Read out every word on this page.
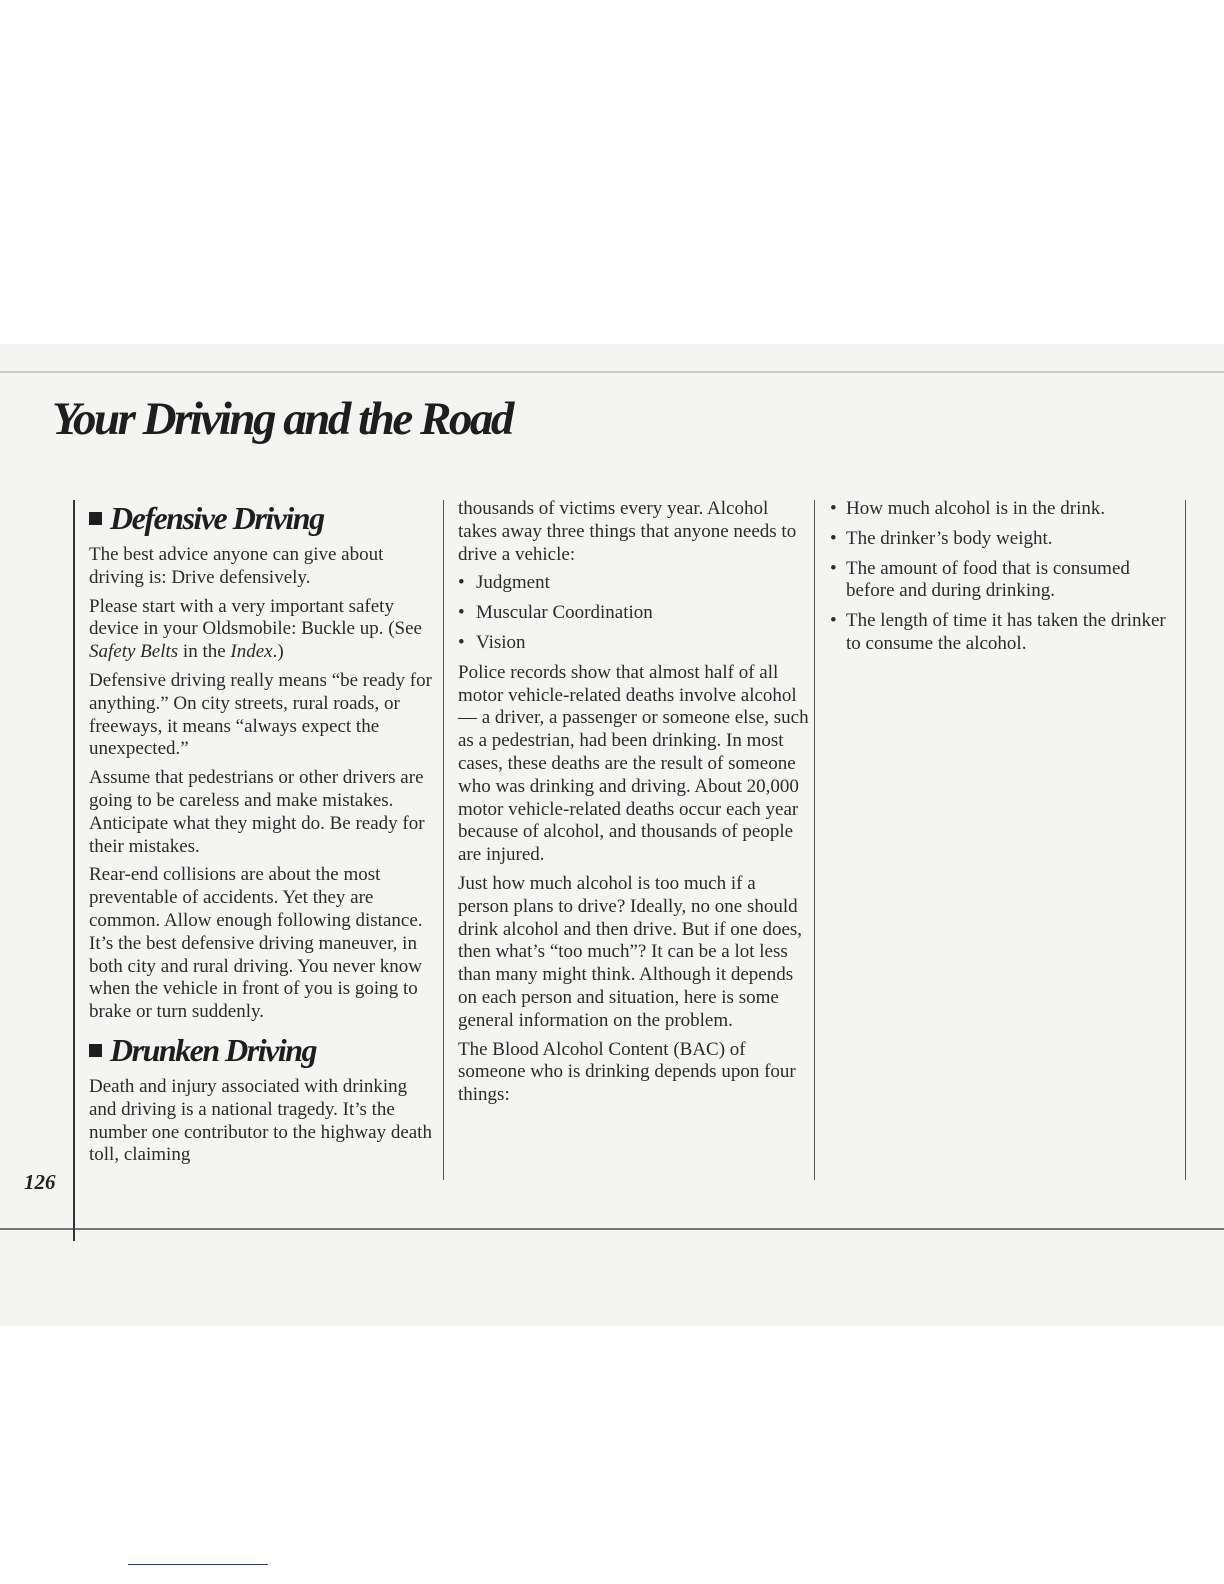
Your Driving and the Road
126
Defensive Driving

The best advice anyone can give about driving is: Drive defensively.

Please start with a very important safety device in your Oldsmobile: Buckle up. (See Safety Belts in the Index.)

Defensive driving really means “be ready for anything.” On city streets, rural roads, or freeways, it means “always expect the unexpected.”

Assume that pedestrians or other drivers are going to be careless and make mistakes. Anticipate what they might do. Be ready for their mistakes.

Rear-end collisions are about the most preventable of accidents. Yet they are common. Allow enough following distance. It’s the best defensive driving maneuver, in both city and rural driving. You never know when the vehicle in front of you is going to brake or turn suddenly.

Drunken Driving

Death and injury associated with drinking and driving is a national tragedy. It’s the number one contributor to the highway death toll, claiming

thousands of victims every year. Alcohol takes away three things that anyone needs to drive a vehicle:

• Judgment
• Muscular Coordination
• Vision

Police records show that almost half of all motor vehicle-related deaths involve alcohol — a driver, a passenger or someone else, such as a pedestrian, had been drinking. In most cases, these deaths are the result of someone who was drinking and driving. About 20,000 motor vehicle-related deaths occur each year because of alcohol, and thousands of people are injured.

Just how much alcohol is too much if a person plans to drive? Ideally, no one should drink alcohol and then drive. But if one does, then what’s “too much”? It can be a lot less than many might think. Although it depends on each person and situation, here is some general information on the problem.

The Blood Alcohol Content (BAC) of someone who is drinking depends upon four things:

• How much alcohol is in the drink.
• The drinker’s body weight.
• The amount of food that is consumed before and during drinking.
• The length of time it has taken the drinker to consume the alcohol.
